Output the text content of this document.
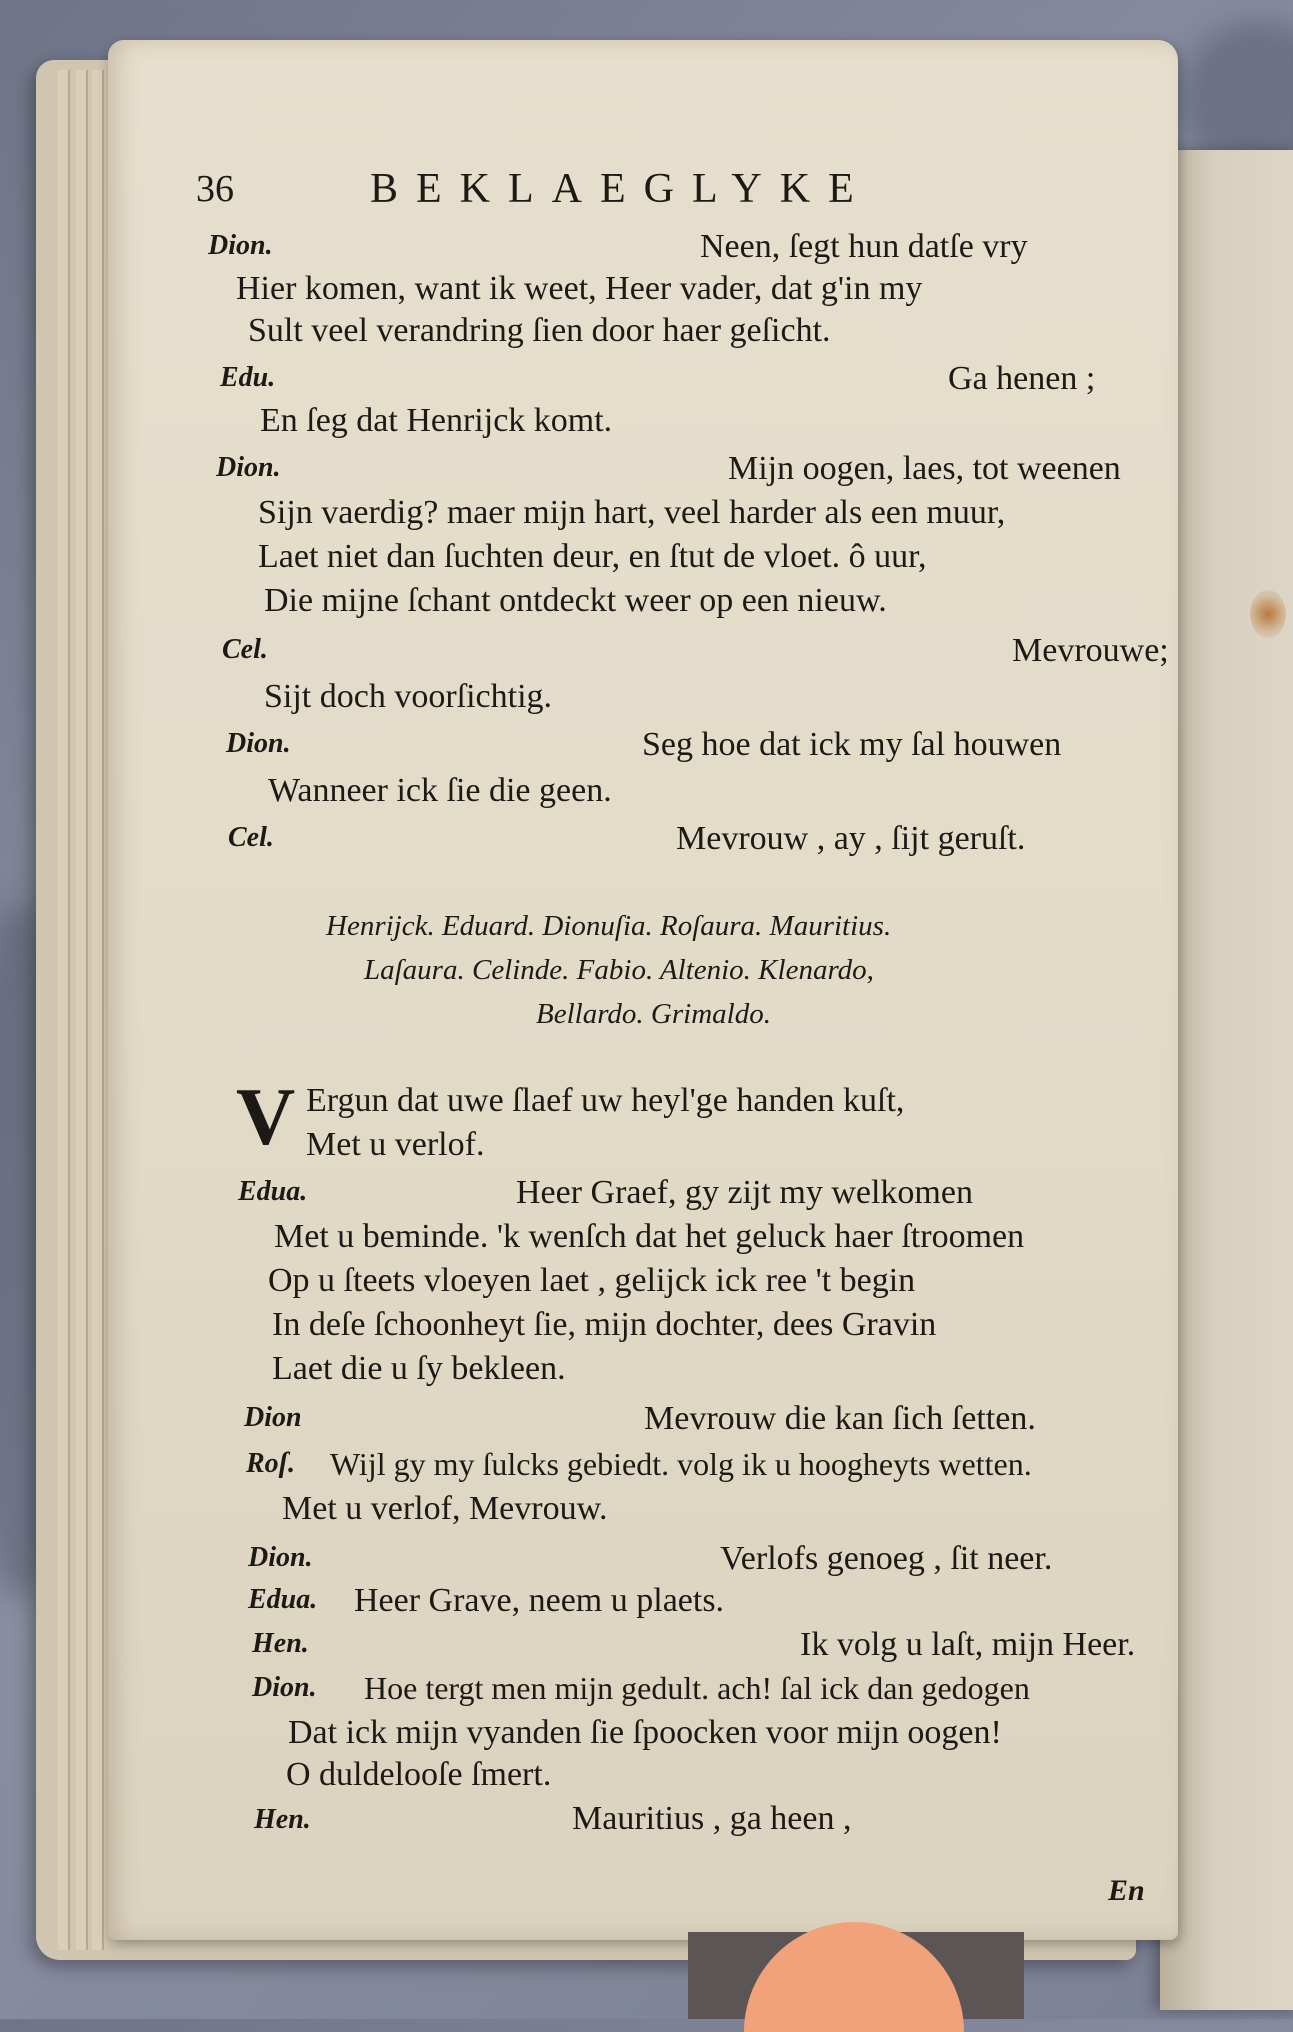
36	BEKLAEGLYKE
Dion.	Neen, ſegt hun datſe vry
Hier komen, want ik weet, Heer vader, dat g'in my
Sult veel verandring ſien door haer geſicht.
Edu.	Ga henen ;
En ſeg dat Henrijck komt.
Dion.	Mijn oogen, laes, tot weenen
Sijn vaerdig? maer mijn hart, veel harder als een muur,
Laet niet dan ſuchten deur, en ſtut de vloet. ô uur,
Die mijne ſchant ontdeckt weer op een nieuw.
Cel.	Mevrouwe;
Sijt doch voorſichtig.
Dion.	Seg hoe dat ick my ſal houwen
Wanneer ick ſie die geen.
Cel.	Mevrouw , ay , ſijt geruſt.
Henrijck. Eduard. Dionuſia. Roſaura. Mauritius.
Laſaura. Celinde. Fabio. Altenio. Klenardo,
Bellardo. Grimaldo.
V Ergun dat uwe ſlaef uw heyl'ge handen kuſt,
Met u verlof.
Edua.	Heer Graef, gy zijt my welkomen
Met u beminde. 'k wenſch dat het geluck haer ſtroomen
Op u ſteets vloeyen laet , gelijck ick ree 't begin
In deſe ſchoonheyt ſie, mijn dochter, dees Gravin
Laet die u ſy bekleen.
Dion	Mevrouw die kan ſich ſetten.
Roſ. Wijl gy my ſulcks gebiedt. volg ik u hoogheyts wetten.
Met u verlof, Mevrouw.
Dion.	Verlofs genoeg , ſit neer.
Edua. Heer Grave, neem u plaets.
Hen.	Ik volg u laſt, mijn Heer.
Dion. Hoe tergt men mijn gedult. ach! ſal ick dan gedogen
Dat ick mijn vyanden ſie ſpoocken voor mijn oogen!
O duldelooſe ſmert.
Hen.	Mauritius , ga heen ,
En
